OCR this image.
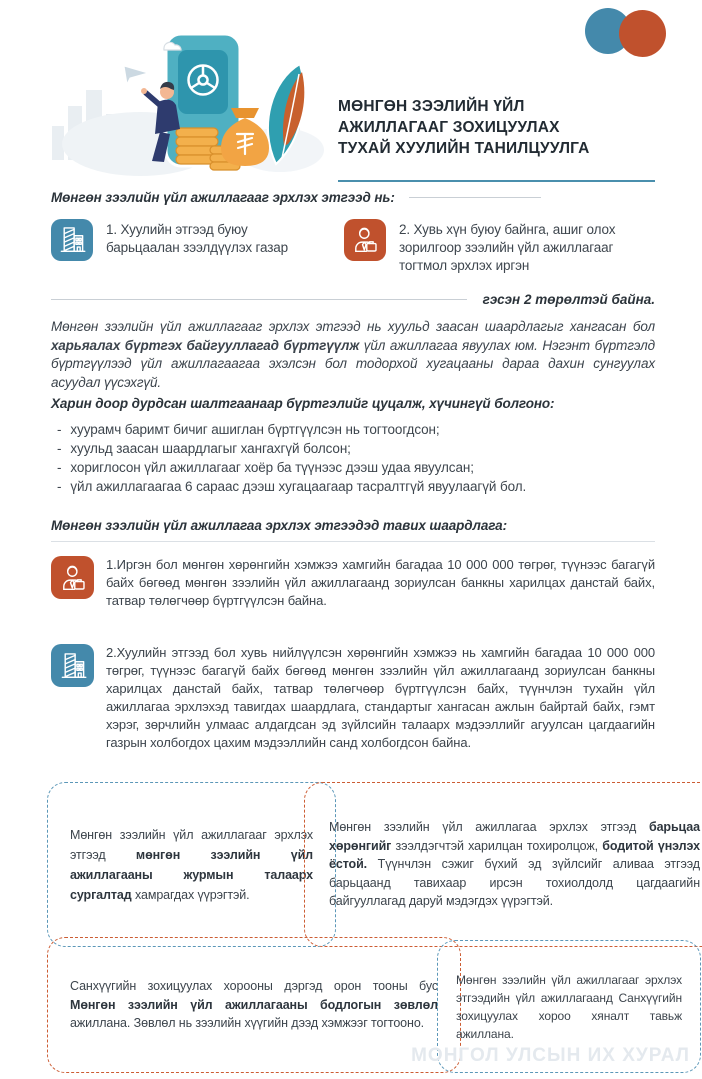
МӨНГӨН ЗЭЭЛИЙН ҮЙЛ
АЖИЛЛАГААГ ЗОХИЦУУЛАХ
ТУХАЙ ХУУЛИЙН ТАНИЛЦУУЛГА
Мөнгөн зээлийн үйл ажиллагааг эрхлэх этгээд нь:
1. Хуулийн этгээд буюу барьцаалан зээлдүүлэх газар
2. Хувь хүн буюу байнга, ашиг олох зорилгоор зээлийн үйл ажиллагааг тогтмол эрхлэх иргэн
гэсэн 2 төрөлтэй байна.
Мөнгөн зээлийн үйл ажиллагааг эрхлэх этгээд нь хуульд заасан шаардлагыг хангасан бол харьяалах бүртгэх байгууллагад бүртгүүлж үйл ажиллагаа явуулах юм. Нэгэнт бүртгэлд бүртгүүлээд үйл ажиллагаагаа эхэлсэн бол тодорхой хугацааны дараа дахин сунгуулах асуудал үүсэхгүй.
Харин доор дурдсан шалтгаанаар бүртгэлийг цуцалж, хүчингүй болгоно:
- хуурамч баримт бичиг ашиглан бүртгүүлсэн нь тогтоогдсон;
- хуульд заасан шаардлагыг хангахгүй болсон;
- хориглосон үйл ажиллагааг хоёр ба түүнээс дээш удаа явуулсан;
- үйл ажиллагаагаа 6 сараас дээш хугацаагаар тасралтгүй явуулаагүй бол.
Мөнгөн зээлийн үйл ажиллагаа эрхлэх этгээдэд тавих шаардлага:
1.Иргэн бол мөнгөн хөрөнгийн хэмжээ хамгийн багадаа 10 000 000 төгрөг, түүнээс багагүй байх бөгөөд мөнгөн зээлийн үйл ажиллагаанд зориулсан банкны харилцах данстай байх, татвар төлөгчөөр бүртгүүлсэн байна.
2.Хуулийн этгээд бол хувь нийлүүлсэн хөрөнгийн хэмжээ нь хамгийн багадаа 10 000 000 төгрөг, түүнээс багагүй байх бөгөөд мөнгөн зээлийн үйл ажиллагаанд зориулсан банкны харилцах данстай байх, татвар төлөгчөөр бүртгүүлсэн байх, түүнчлэн тухайн үйл ажиллагаа эрхлэхэд тавигдах шаардлага, стандартыг хангасан ажлын байртай байх, гэмт хэрэг, зөрчлийн улмаас алдагдсан эд зүйлсийн талаарх мэдээллийг агуулсан цагдаагийн газрын холбогдох цахим мэдээллийн санд холбогдсон байна.
Мөнгөн зээлийн үйл ажиллагааг эрхлэх этгээд мөнгөн зээлийн үйл ажиллагааны журмын талаарх сургалтад хамрагдах үүрэгтэй.
Мөнгөн зээлийн үйл ажиллагаа эрхлэх этгээд барьцаа хөрөнгийг зээлдэгчтэй харилцан тохиролцож, бодитой үнэлэх ёстой. Түүнчлэн сэжиг бүхий эд зүйлсийг аливаа этгээд барьцаанд тавихаар ирсэн тохиолдолд цагдаагийн байгууллагад даруй мэдэгдэх үүрэгтэй.
Санхүүгийн зохицуулах хорооны дэргэд орон тооны бус Мөнгөн зээлийн үйл ажиллагааны бодлогын зөвлөл ажиллана. Зөвлөл нь зээлийн хүүгийн дээд хэмжээг тогтооно.
Мөнгөн зээлийн үйл ажиллагааг эрхлэх этгээдийн үйл ажиллагаанд Санхүүгийн зохицуулах хороо хяналт тавьж ажиллана.
МОНГОЛ УЛСЫН ИХ ХУРАЛ
